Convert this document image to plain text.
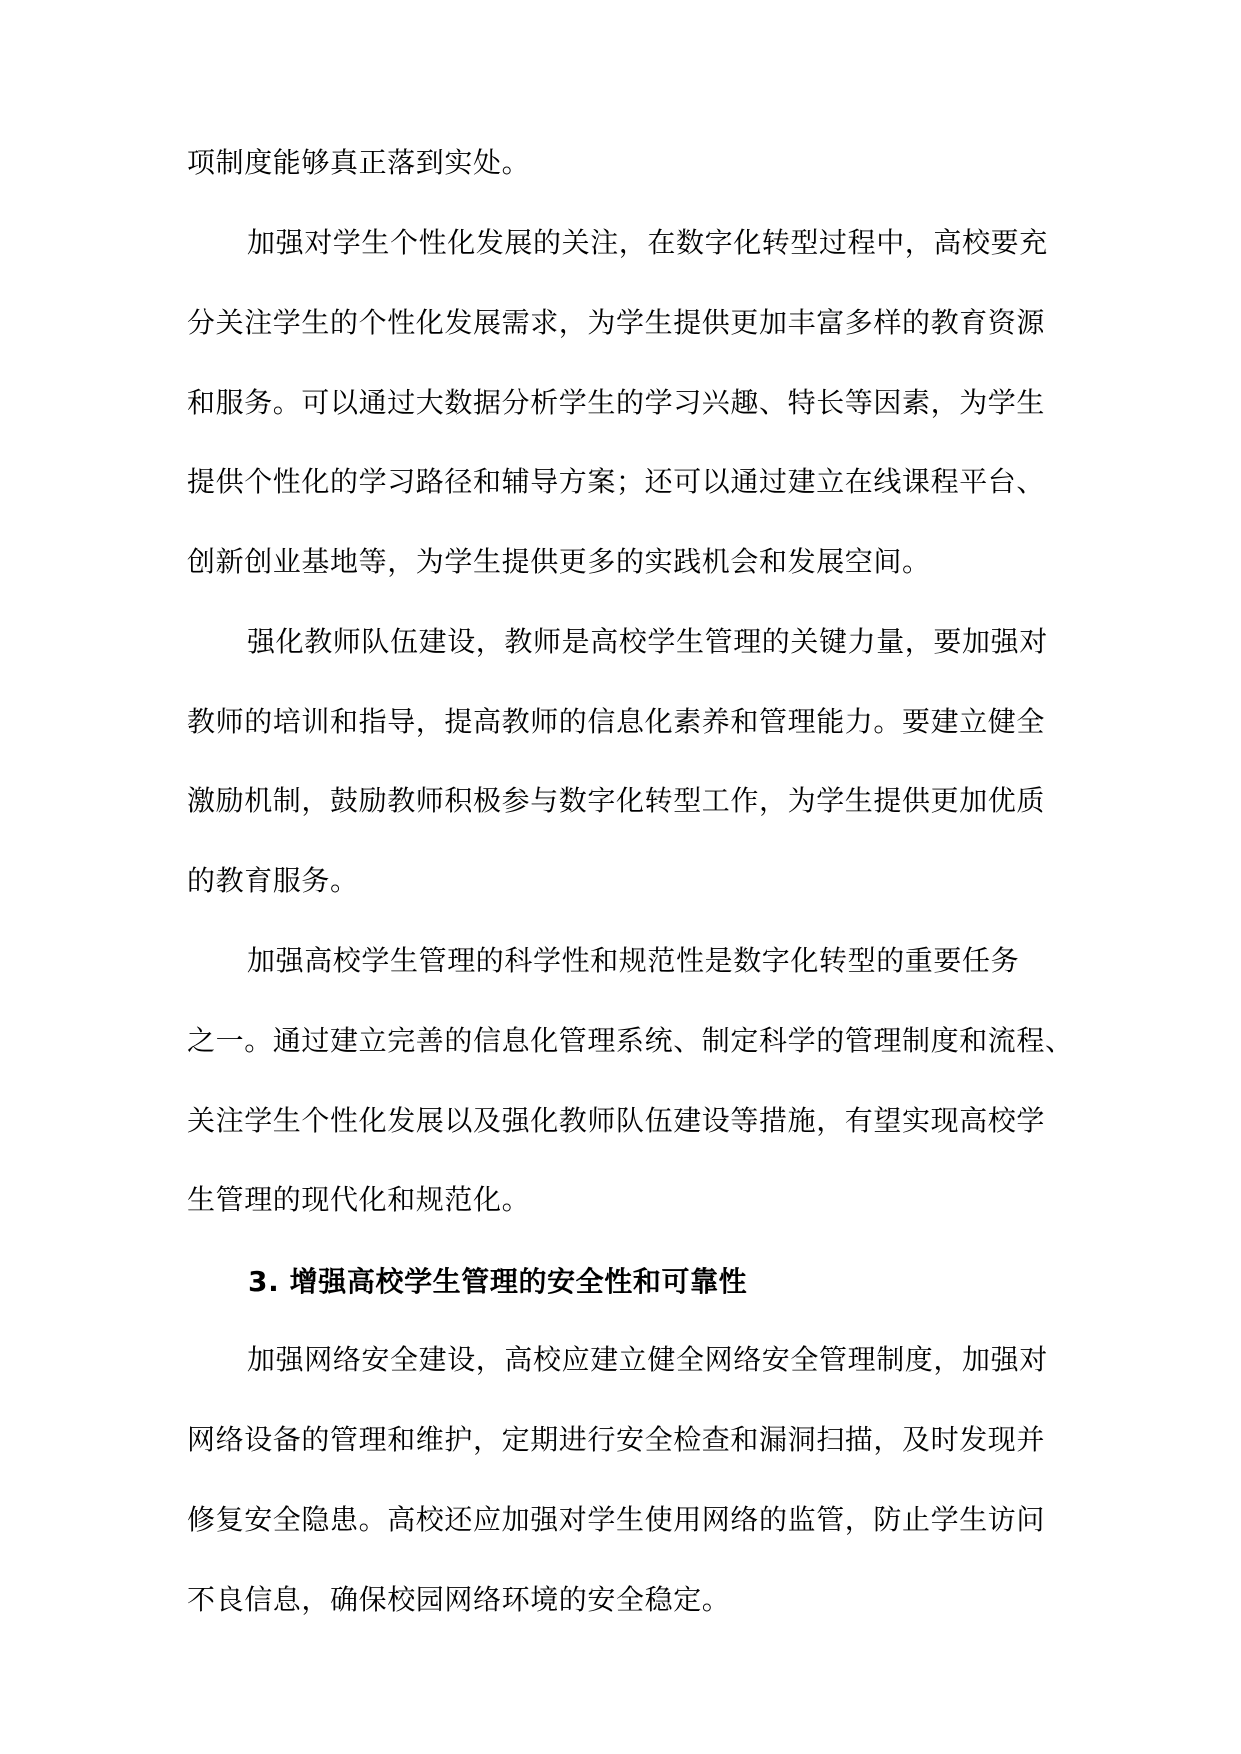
项制度能够真正落到实处。
加强对学生个性化发展的关注，在数字化转型过程中，高校要充
分关注学生的个性化发展需求，为学生提供更加丰富多样的教育资源
和服务。可以通过大数据分析学生的学习兴趣、特长等因素，为学生
提供个性化的学习路径和辅导方案；还可以通过建立在线课程平台、
创新创业基地等，为学生提供更多的实践机会和发展空间。
强化教师队伍建设，教师是高校学生管理的关键力量，要加强对
教师的培训和指导，提高教师的信息化素养和管理能力。要建立健全
激励机制，鼓励教师积极参与数字化转型工作，为学生提供更加优质
的教育服务。
加强高校学生管理的科学性和规范性是数字化转型的重要任务
之一。通过建立完善的信息化管理系统、制定科学的管理制度和流程、
关注学生个性化发展以及强化教师队伍建设等措施，有望实现高校学
生管理的现代化和规范化。
3. 增强高校学生管理的安全性和可靠性
加强网络安全建设，高校应建立健全网络安全管理制度，加强对
网络设备的管理和维护，定期进行安全检查和漏洞扫描，及时发现并
修复安全隐患。高校还应加强对学生使用网络的监管，防止学生访问
不良信息，确保校园网络环境的安全稳定。
